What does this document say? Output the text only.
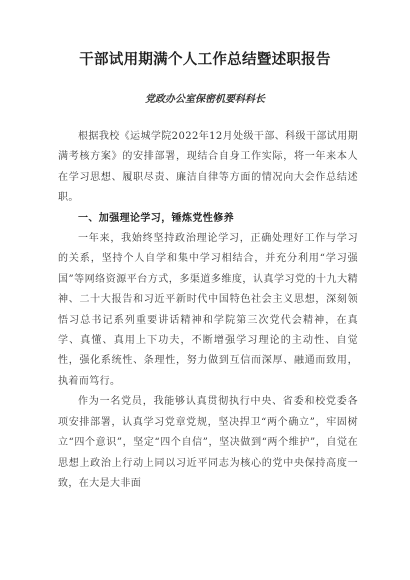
干部试用期满个人工作总结暨述职报告
党政办公室保密机要科科长

根据我校《运城学院2022年12月处级干部、科级干部试用期满考核方案》的安排部署，现结合自身工作实际，将一年来本人在学习思想、履职尽责、廉洁自律等方面的情况向大会作总结述职。

一、加强理论学习，锤炼党性修养

一年来，我始终坚持政治理论学习，正确处理好工作与学习的关系，坚持个人自学和集中学习相结合，并充分利用“学习强国”等网络资源平台方式，多渠道多维度，认真学习党的十九大精神、二十大报告和习近平新时代中国特色社会主义思想，深刻领悟习总书记系列重要讲话精神和学院第三次党代会精神，在真学、真懂、真用上下功夫，不断增强学习理论的主动性、自觉性，强化系统性、条理性，努力做到互信而深厚、融通而致用，执着而笃行。

作为一名党员，我能够认真贯彻执行中央、省委和校党委各项安排部署，认真学习党章党规，坚决捍卫“两个确立”，牢固树立“四个意识”，坚定“四个自信”，坚决做到“两个维护”，自觉在思想上政治上行动上同以习近平同志为核心的党中央保持高度一致，在大是大非面
